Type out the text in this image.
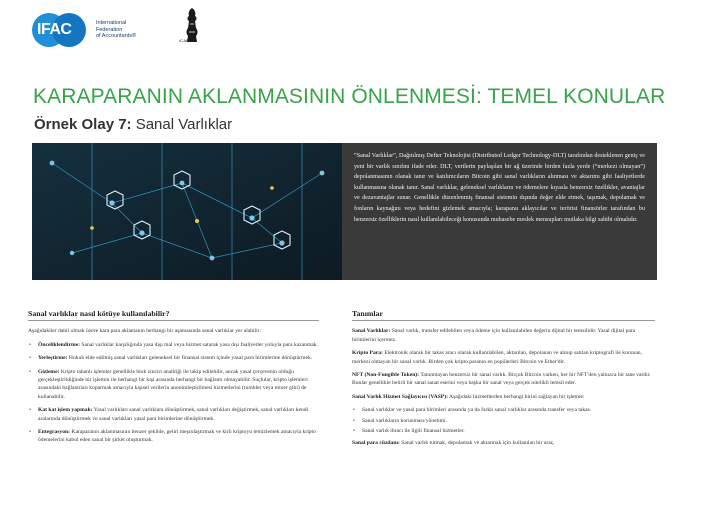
IFAC	International
Federation
of Accountants®
ICAEW
KARAPARANIN AKLANMASININ ÖNLENMESİ: TEMEL KONULAR
Örnek Olay 7: Sanal Varlıklar
“Sanal Varlıklar”, Dağıtılmış Defter Teknolojisi (Distributed Ledger Technology-DLT) tarafından desteklenen geniş ve yeni bir varlık sınıfını ifade eder. DLT, verilerin paylaşılan bir ağ üzerinde birden fazla yerde (“merkezi olmayan”) depolanmasının olanak tanır ve katılımcıların Bitcoin gibi sanal varlıkların alınması ve aktarımı gibi faaliyetlerde kullanmasına olanak tanır. Sanal varlıklar, geleneksel varlıkların ve ödemelere kıyasla benzersiz özellikler, avantajlar ve dezavantajlar sunar. Genellikle düzenlenmiş finansal sistemin dışında değer elde etmek, taşımak, depolamak ve fonların kaynağını veya hedefini gizlemek amacıyla; karaparaı aklayıcılar ve terörist finansörler tarafından bu benzersiz özelliklerin nasıl kullanılabileceği konusunda muhasebe meslek mensupları mutlaka bilgi sahibi olmalıdır.
Sanal varlıklar nasıl kötüye kullanılabilir?

Aşağıdakiler dahil olmak üzere kara para aklamanın herhangi bir aşamasında sanal varlıklar yer alabilir:

• Önceliklendirme: Sanal varlıklar karşılığında yasa dışı mal veya hizmet satarak yasa dışı faaliyetler yoluyla para kazanmak.
• Yerleştirme: Hukuk elde edilmiş sanal varlıkları geleneksel bir finansal sistem içinde yasal para birimlerine dönüştürmek.
• Gizleme: Kripto tabanlı işlemler genellikle blok zinciri analitiği ile takip edilebilir, ancak yasal çerçevenin olduğu gerçekleştirildiğinde bir işlemin ile herhangi bir kişi arasında herhangi bir bağlantı olmayabilir. Suçlular, kripto işlemleri arasındaki bağlantıları koparmak amacıyla kişisel verilerin anonimleştirilmesi hizmetlerini (tumbler veya mixer gibi) de kullanabilir.
• Kat kat işlem yapmak: Yasal varlıkları sanal varlıklara dönüştürmek, sanal varlıkları değiştirmek, sanal varlıkları kendi aralarında dönüştürmek ve sanal varlıkları yasal para birimlerine dönüştürmek.
• Entegrasyon: Karaparanın aklanmasının benzer şekilde, geliri meşrulaştırmak ve kirli kriptoyu temizlemek amacıyla kripto ödemelerini kabul eden sanal bir şirket oluşturmak.
Tanımlar

Sanal Varlıklar: Sanal varlık, transfer edilebilen veya ödeme için kullanılabilen değerin dijital bir temsilidir. Yasal dijital para birimlerini içermez.

Kripto Para: Elektronik olarak bir takas aracı olarak kullanılabilen, aktarılan, depolanan ve alınıp satılan kriptografi ile korunan, merkezi olmayan bir sanal varlık. Birden çok kripto paranın en popülerleri Bitcoin ve Ether'dir.

NFT (Non-Fungible Token): Tanınmayan benzersiz bir sanal varlık. Birçok Bitcoin varken, her bir NFT'den yalnızca bir tane vardır. Bunlar genellikle belirli bir sanal sanat eserini veya başka bir sanal veya gerçek nitelikli temsil eder.

Sanal Varlık Hizmet Sağlayıcısı (VASP): Aşağıdaki hizmetlerden herhangi birini sağlayan bir işletme:

• Sanal varlıklar ve yasal para birimleri arasında ya da farklı sanal varlıklar arasında transfer veya takas.
• Sanal varlıkların korunması/yönetimi.
• Sanal varlık ihracı ile ilgili finansal hizmetler.

Sanal para cüzdanı: Sanal varlık tutmak, depolamak ve aktarmak için kullanılan bir araç.
